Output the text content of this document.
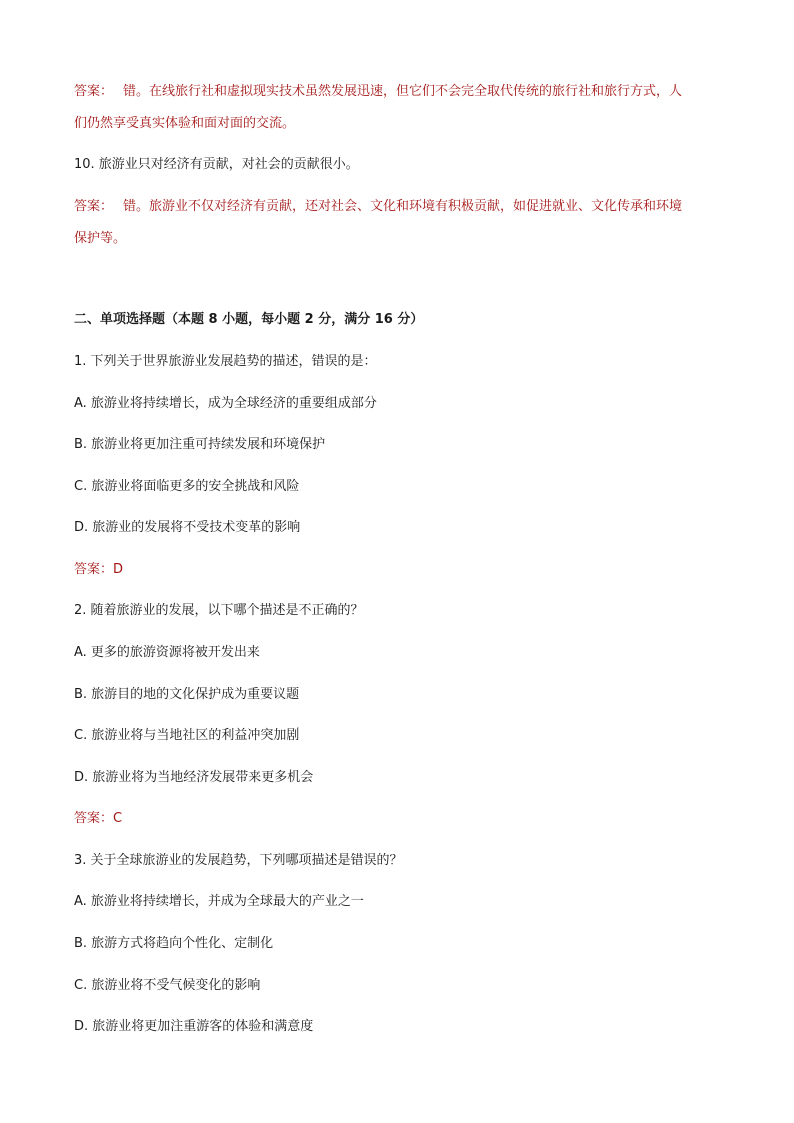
答案： 错。在线旅行社和虚拟现实技术虽然发展迅速，但它们不会完全取代传统的旅行社和旅行方式，人
们仍然享受真实体验和面对面的交流。
10. 旅游业只对经济有贡献，对社会的贡献很小。
答案： 错。旅游业不仅对经济有贡献，还对社会、文化和环境有积极贡献，如促进就业、文化传承和环境
保护等。
二、单项选择题（本题 8 小题，每小题 2 分，满分 16 分）
1. 下列关于世界旅游业发展趋势的描述，错误的是：
A. 旅游业将持续增长，成为全球经济的重要组成部分
B. 旅游业将更加注重可持续发展和环境保护
C. 旅游业将面临更多的安全挑战和风险
D. 旅游业的发展将不受技术变革的影响
答案：D
2. 随着旅游业的发展，以下哪个描述是不正确的？
A. 更多的旅游资源将被开发出来
B. 旅游目的地的文化保护成为重要议题
C. 旅游业将与当地社区的利益冲突加剧
D. 旅游业将为当地经济发展带来更多机会
答案：C
3. 关于全球旅游业的发展趋势，下列哪项描述是错误的？
A. 旅游业将持续增长，并成为全球最大的产业之一
B. 旅游方式将趋向个性化、定制化
C. 旅游业将不受气候变化的影响
D. 旅游业将更加注重游客的体验和满意度
